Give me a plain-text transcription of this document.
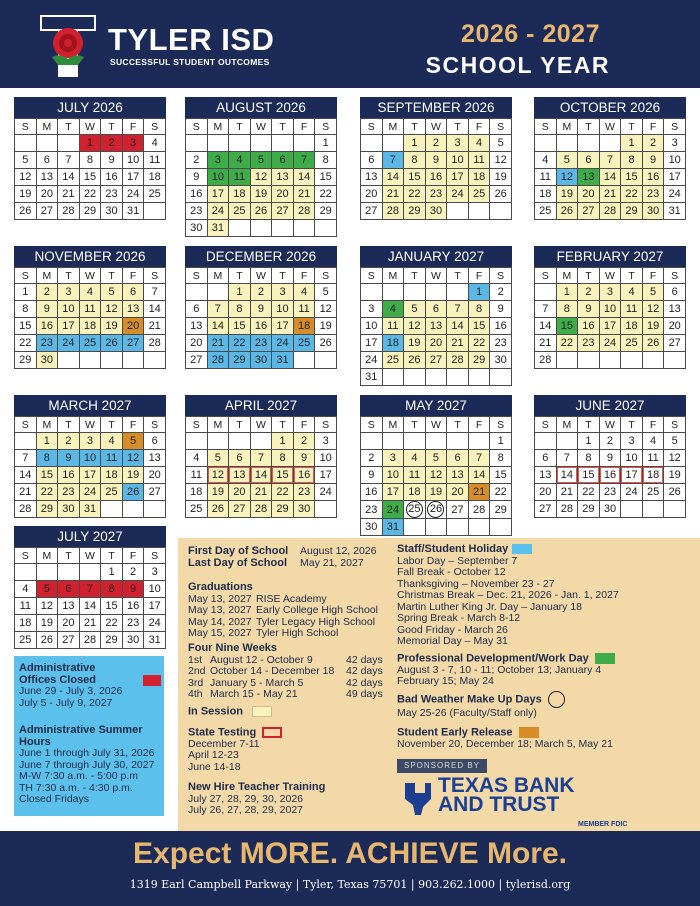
TYLER ISD
SUCCESSFUL STUDENT OUTCOMES
2026 - 2027
SCHOOL YEAR
JULY 2026
S	M	T	W	T	F	S
			1	2	3	4
5	6	7	8	9	10	11
12	13	14	15	16	17	18
19	20	21	22	23	24	25
26	27	28	29	30	31	
AUGUST 2026
S	M	T	W	T	F	S
						1
2	3	4	5	6	7	8
9	10	11	12	13	14	15
16	17	18	19	20	21	22
23	24	25	26	27	28	29
30	31					
SEPTEMBER 2026
S	M	T	W	T	F	S
		1	2	3	4	5
6	7	8	9	10	11	12
13	14	15	16	17	18	19
20	21	22	23	24	25	26
27	28	29	30			
OCTOBER 2026
S	M	T	W	T	F	S
				1	2	3
4	5	6	7	8	9	10
11	12	13	14	15	16	17
18	19	20	21	22	23	24
25	26	27	28	29	30	31
NOVEMBER 2026
S	M	T	W	T	F	S
1	2	3	4	5	6	7
8	9	10	11	12	13	14
15	16	17	18	19	20	21
22	23	24	25	26	27	28
29	30					
DECEMBER 2026
S	M	T	W	T	F	S
		1	2	3	4	5
6	7	8	9	10	11	12
13	14	15	16	17	18	19
20	21	22	23	24	25	26
27	28	29	30	31		
JANUARY 2027
S	M	T	W	T	F	S
					1	2
3	4	5	6	7	8	9
10	11	12	13	14	15	16
17	18	19	20	21	22	23
24	25	26	27	28	29	30
31						
FEBRUARY 2027
S	M	T	W	T	F	S
	1	2	3	4	5	6
7	8	9	10	11	12	13
14	15	16	17	18	19	20
21	22	23	24	25	26	27
28						
MARCH 2027
S	M	T	W	T	F	S
	1	2	3	4	5	6
7	8	9	10	11	12	13
14	15	16	17	18	19	20
21	22	23	24	25	26	27
28	29	30	31			
APRIL 2027
S	M	T	W	T	F	S
				1	2	3
4	5	6	7	8	9	10
11	12	13	14	15	16	17
18	19	20	21	22	23	24
25	26	27	28	29	30	
MAY 2027
S	M	T	W	T	F	S
						1
2	3	4	5	6	7	8
9	10	11	12	13	14	15
16	17	18	19	20	21	22
23	24	25	26	27	28	29
30	31					
JUNE 2027
S	M	T	W	T	F	S
		1	2	3	4	5
6	7	8	9	10	11	12
13	14	15	16	17	18	19
20	21	22	23	24	25	26
27	28	29	30			
JULY 2027
S	M	T	W	T	F	S
				1	2	3
4	5	6	7	8	9	10
11	12	13	14	15	16	17
18	19	20	21	22	23	24
25	26	27	28	29	30	31
First Day of School	August 12, 2026
Last Day of School	May 21, 2027
Graduations
May 13, 2027 RISE Academy
May 13, 2027 Early College High School
May 14, 2027 Tyler Legacy High School
May 15, 2027 Tyler High School
Four Nine Weeks
1st August 12 - October 9	42 days
2nd October 14 - December 18	42 days
3rd January 5 - March 5	42 days
4th March 15 - May 21	49 days
In Session
State Testing
December 7-11
April 12-23
June 14-18
New Hire Teacher Training
July 27, 28, 29, 30, 2026
July 26, 27, 28, 29, 2027
Staff/Student Holiday
Labor Day – September 7
Fall Break - October 12
Thanksgiving – November 23 - 27
Christmas Break – Dec. 21, 2026 - Jan. 1, 2027
Martin Luther King Jr. Day – January 18
Spring Break - March 8-12
Good Friday - March 26
Memorial Day – May 31
Professional Development/Work Day
August 3 - 7, 10 - 11; October 13; January 4
February 15; May 24
Bad Weather Make Up Days
May 25-26 (Faculty/Staff only)
Student Early Release
November 20, December 18; March 5, May 21
SPONSORED BY
TEXAS BANK
AND TRUST
MEMBER FDIC
Administrative Offices Closed
June 29 - July 3, 2026
July 5 - July 9, 2027
Administrative Summer Hours
June 1 through July 31, 2026
June 7 through July 30, 2027
M-W 7:30 a.m. - 5:00 p.m
TH 7:30 a.m. - 4:30 p.m.
Closed Fridays
Expect MORE. ACHIEVE More.
1319 Earl Campbell Parkway | Tyler, Texas 75701 | 903.262.1000 | tylerisd.org
